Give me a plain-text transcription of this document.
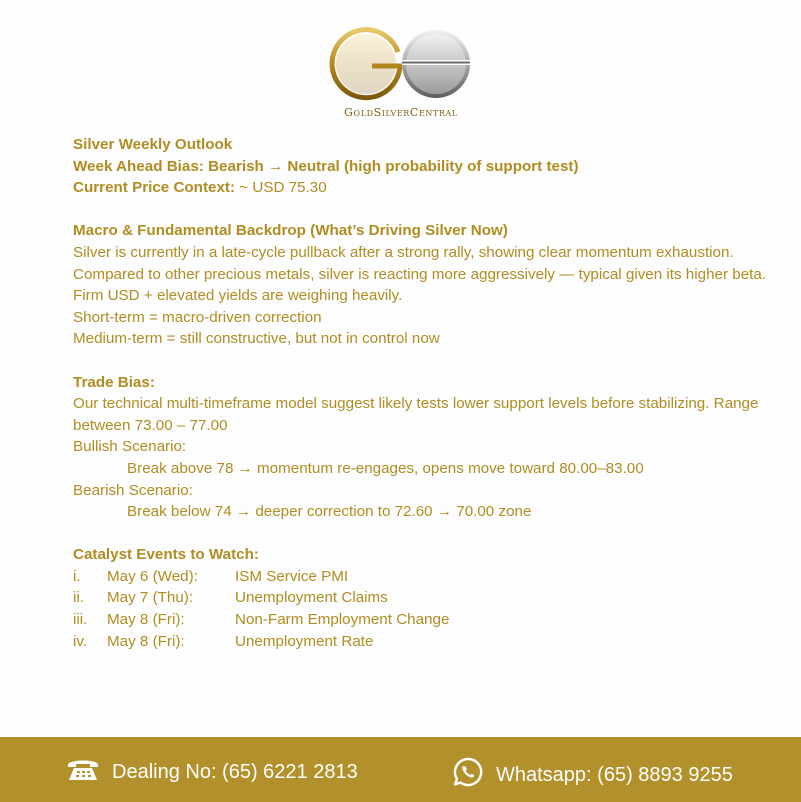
GoldSilverCentral
Silver Weekly Outlook
Week Ahead Bias: Bearish → Neutral (high probability of support test)
Current Price Context: ~ USD 75.30
Macro & Fundamental Backdrop (What’s Driving Silver Now)
Silver is currently in a late-cycle pullback after a strong rally, showing clear momentum exhaustion. Compared to other precious metals, silver is reacting more aggressively — typical given its higher beta.
Firm USD + elevated yields are weighing heavily.
Short-term = macro-driven correction
Medium-term = still constructive, but not in control now
Trade Bias:
Our technical multi-timeframe model suggest likely tests lower support levels before stabilizing. Range between 73.00 – 77.00
Bullish Scenario:
Break above 78 → momentum re-engages, opens move toward 80.00–83.00
Bearish Scenario:
Break below 74 → deeper correction to 72.60 → 70.00 zone
Catalyst Events to Watch:
i.	May 6 (Wed):	ISM Service PMI
ii.	May 7 (Thu):	Unemployment Claims
iii.	May 8 (Fri):	Non-Farm Employment Change
iv.	May 8 (Fri):	Unemployment Rate
Dealing No: (65) 6221 2813	Whatsapp: (65) 8893 9255
